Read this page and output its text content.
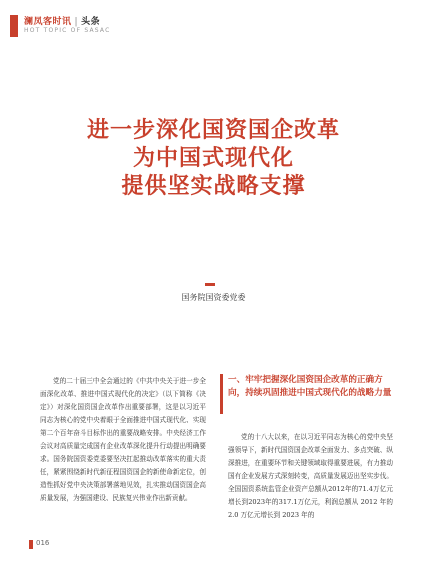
澜凤客时讯 | 头条
HOT TOPIC OF SASAC
进一步深化国资国企改革
为中国式现代化
提供坚实战略支撑
国务院国资委党委

党的二十届三中全会通过的《中共中央关于进一步全面深化改革、推进中国式现代化的决定》（以下简称《决定》）对深化国资国企改革作出重要部署，这是以习近平同志为核心的党中央着眼于全面推进中国式现代化、实现第二个百年奋斗目标作出的重要战略安排。中央经济工作会议对高质量完成国有企业改革深化提升行动提出明确要求。国务院国资委党委要坚决扛起推动改革落实的重大责任，紧紧围绕新时代新征程国资国企的新使命新定位，创造性抓好党中央决策部署落地见效，扎实推动国资国企高质量发展，为强国建设、民族复兴伟业作出新贡献。

一、牢牢把握深化国资国企改革的正确方向，持续巩固推进中国式现代化的战略力量

党的十八大以来，在以习近平同志为核心的党中央坚强领导下，新时代国资国企改革全面发力、多点突破、纵深推进，在重要环节和关键领域取得重要进展，有力推动国有企业发展方式深刻转变，高质量发展迈出坚实步伐。全国国资系统监管企业资产总额从2012年的71.4万亿元增长到2023年的317.1万亿元，利润总额从 2012 年的 2.0 万亿元增长到 2023 年的

016
